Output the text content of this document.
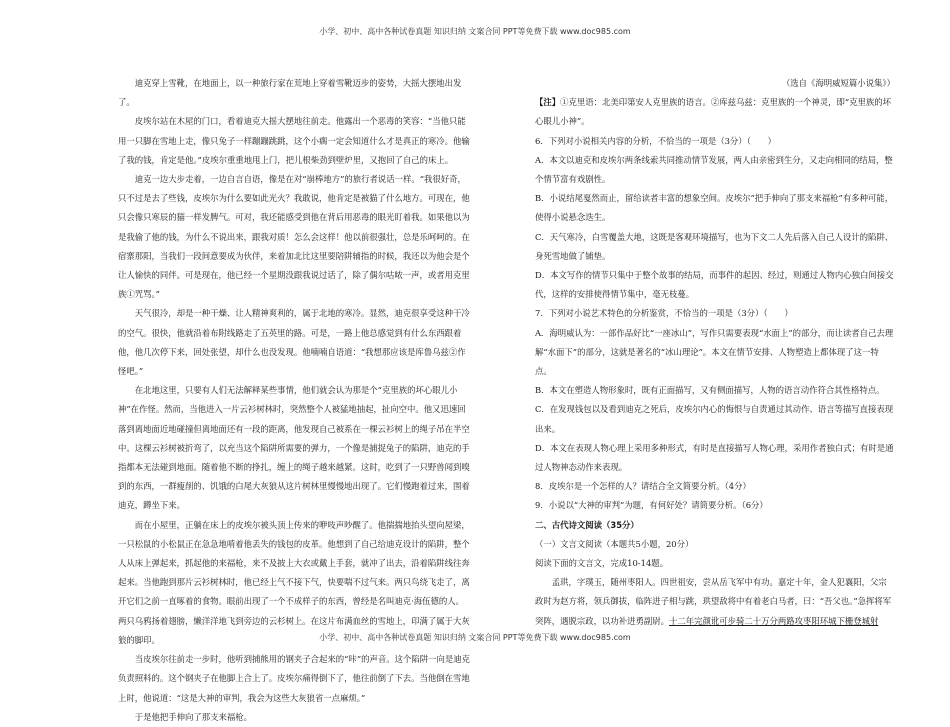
小学、初中、高中各种试卷真题 知识归纳 文案合同 PPT等免费下载 www.doc985.com

迪克穿上雪靴，在地面上，以一种旅行家在荒地上穿着雪靴迈步的姿势，大摇大摆地出发了。

皮埃尔站在木屋的门口，看着迪克大摇大摆地往前走。他露出一个恶毒的笑容：“当他只能用一只脚在雪地上走，像只兔子一样蹦蹦跳跳，这个小瘸一定会知道什么才是真正的寒冷。他输了我的钱，肯定是他。”皮埃尔重重地甩上门，把儿根柴劲到壁炉里，又抱回了自己的床上。

迪克一边大步走着，一边自言自语，像是在对“崩棒地方”的旅行者说话一样。“我很好奇，只不过是去了些钱，皮埃尔为什么要如此光火？我敢说，他肯定是被猫了什么地方。可现在，他只会像只寒辰的猫一样发脾气。可对，我还能感受到他在背后用恶毒的眼光盯着我。如果他以为是我偷了他的钱，为什么不说出来，跟我对质！怎么会这样！他以前很强壮，总是乐呵呵的。在宿寨那阳，当我们一段间意要成为伙伴，来着加北比这里要陪阱辅指的时候，我还以为他会是个让人愉快的同伴。可是现在，他已经一个星期没跟我说过话了，除了偶尔咕哝一声，或者用克里族①咒骂。”

天气很冷，却是一种干燥、让人精神爽利的，属于北地的寒冷。显然，迪克很享受这种干冷的空气。很快，他就沿着布附线路走了五英里的路。可是，一路上他总感觉到有什么东西跟着他，他几次停下来，回处张望，却什么也没发现。他喃喃自语道：“我想那应该是库鲁乌兹②作怪吧。”

在北地这里，只要有人们无法解释某些事情，他们就会认为那是个“克里族的坏心眼儿小神”在作怪。然而，当他进入一片云衫树林时，突然整个人被猛地抽起，扯向空中。他又迅速回落到离地面近地碰撞但离地面还有一段的距离，他发现自己被系在一棵云衫树上的绳子吊在半空中。这棵云衫树被折弯了，以充当这个陷阱所需要的弹力，一个像是捕捉兔子的陷阱，迪克的手指都本无法碰到地面。随着他不断的挣扎，缠上的绳子越来越紧。这时，吃到了一只野兽闻到嗅到的东西，一群瘦削的、饥饿的白尾大灰狼从这片树林里慢慢地出现了。它们慢跑着过来，围着迪克，蹲坐下来。

而在小屋里，正躺在床上的皮埃尔被头顶上传来的咿吱声吵醒了。他揣揣地抬头望向屋梁，一只松鼠的小松鼠正在急急地啃着他丢失的钱包的皮革。他想到了自己给迪克设计的陷阱，整个人从床上弹起来，抓起他的来福枪，来不及披上大衣或戴上手套，就冲了出去，沿着陷阱线往奔起来。当他跑到那片云衫树林时，他已经上气不接下气，快要喘不过气来。两只鸟绕飞走了，离开它们之前一直啄着的食物。眼前出现了一个不成样子的东西，曾经是名叫迪克·海伍德的人。两只乌鸦扬着翅膀，懒洋洋地飞到旁边的云杉树上。在这片布满血丝的雪地上，印满了属于大灰狼的脚印。

当皮埃尔往前走一步时，他听到捕熊用的钢夹子合起来的“咔”的声音。这个陷阱一向是迪克负责照料的。这个钢夹子在他脚上合上了。皮埃尔痛得倒下了，他往前倒了下去。当他倒在雪地上时，他说道：“这是大神的审判，我会为这些大灰狼省一点麻烦。”

于是他把手伸向了那支来福枪。

（选自《海明威短篇小说集》）

【注】①克里语：北美印第安人克里族的语言。②库兹乌兹：克里族的一个神灵，即“克里族的坏心眼儿小神”。

6．下列对小说相关内容的分析，不恰当的一项是（3分）（　　）

A．本文以迪克和皮埃尔两条线索共同推动情节发展，两人由亲密到生分，又走向相同的结局，整个情节富有戏剧性。

B．小说结尾戛然而止，留给读者丰富的想象空间。皮埃尔“把手伸向了那支来福枪”有多种可能，使得小说悬念迭生。

C．天气寒冷，白雪覆盖大地，这既是客观环境描写，也为下文二人先后落入自己人设计的陷阱、身死雪地做了铺垫。

D．本文写作的情节只集中于整个故事的结局，而事件的起因、经过，则通过人物内心独白间接交代，这样的安排使得情节集中，毫无枝蔓。

7．下列对小说艺术特色的分析鉴赏，不恰当的一项是（3分）（　　）

A．海明威认为：一部作品好比“一座冰山”，写作只需要表现“水面上”的部分，而让读者自己去理解“水面下”的部分，这就是著名的“冰山理论”。本文在情节安排、人物塑造上都体现了这一特点。

B．本文在塑造人物形象时，既有正面描写，又有侧面描写，人物的语言动作符合其性格特点。

C．在发现钱包以及看到迪克之死后，皮埃尔内心的悔恨与自责通过其动作、语言等描写直接表现出来。

D．本文在表现人物心理上采用多种形式，有时是直接描写人物心理，采用作者独白式；有时是通过人物神态动作来表现。

8．皮埃尔是一个怎样的人？请结合全文简要分析。（4分）

9．小说以“大神的审判”为题，有何好处？请简要分析。（6分）

二、古代诗文阅读（35分）

（一）文言文阅读（本题共5小题，20分）

阅读下面的文言文，完成10-14题。

孟珙，字璞玉，随州枣阳人。四世祖安，尝从岳飞军中有功。嘉定十年，金人犯襄阳，父宗政时为赵方将，领兵御拔，临阵进子相与跳，珙望敌将中有着老白马者，曰：“吾父也。”急挥将军突阵，遇脱宗政，以功补进勇副尉。十二年完颜讹可步骑二十万分两路攻枣阳环城下栅登城射

小学、初中、高中各种试卷真题 知识归纳 文案合同 PPT等免费下载 www.doc985.com
